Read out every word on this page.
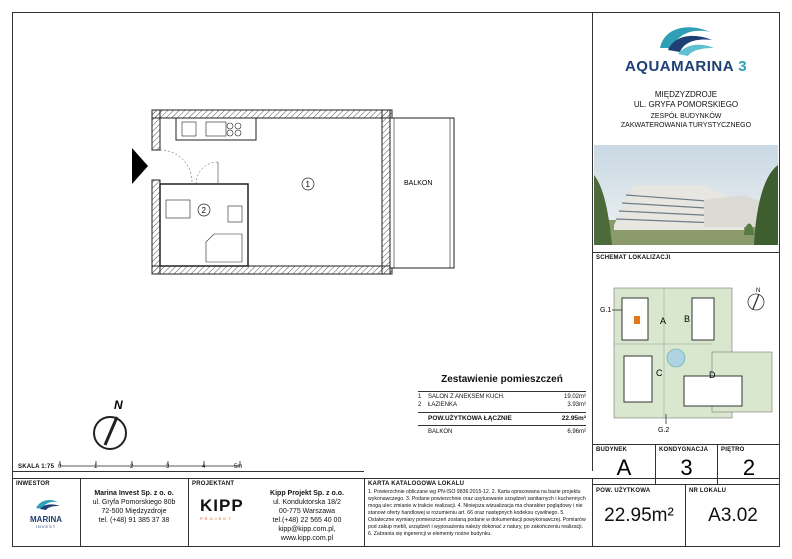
AQUAMARINA 3
MIĘDZYZDROJE
UL. GRYFA POMORSKIEGO
ZESPÓŁ BUDYNKÓW
ZAKWATEROWANIA TURYSTYCZNEGO
SCHEMAT LOKALIZACJI
A B
C	D
G.1
G.2
N
1
2
BALKON
Zestawienie pomieszczeń
1	SALON Z ANEKSEM KUCH.	19.02m²
2	ŁAZIENKA	3.93m²
POW.UŻYTKOWA ŁĄCZNIE	22.95m²
BALKON	6.96m²
N
SKALA 1:75 0	1	2	3	4	5m
INWESTOR
MARINA
INVEST
Marina Invest Sp. z o. o.
ul. Gryfa Pomorskiego 80b
72-500 Międzyzdroje
tel. (+48) 91 385 37 38
PROJEKTANT
KIPP
PROJEKT
Kipp Projekt Sp. z o.o.
ul. Konduktorska 18/2
00-775 Warszawa
tel.(+48) 22 565 40 00
kipp@kipp.com.pl, www.kipp.com.pl
KARTA KATALOGOWA LOKALU
1. Powierzchnie obliczane wg PN-ISO 9836:2015-12. 2. Karta opracowana na bazie projektu wykonawczego. 3. Podane powierzchnie oraz usytuowanie urządzeń sanitarnych i kuchennych mogą ulec zmianie w trakcie realizacji. 4. Niniejsza wizualizacja ma charakter poglądowy i nie stanowi oferty handlowej w rozumieniu art. 66 oraz następnych kodeksu cywilnego. 5. Ostateczne wymiary pomieszczeń zostaną podane w dokumentacji powykonawczej. Pomiarów pod zakup mebli, urządzeń i wyposażenia należy dokonać z natury, po zakończeniu realizacji. 6. Zabrania się ingerencji w elementy nośne budynku.
BUDYNEK
A
KONDYGNACJA
3
PIĘTRO
2
POW. UŻYTKOWA
22.95m²
NR LOKALU
A3.02
